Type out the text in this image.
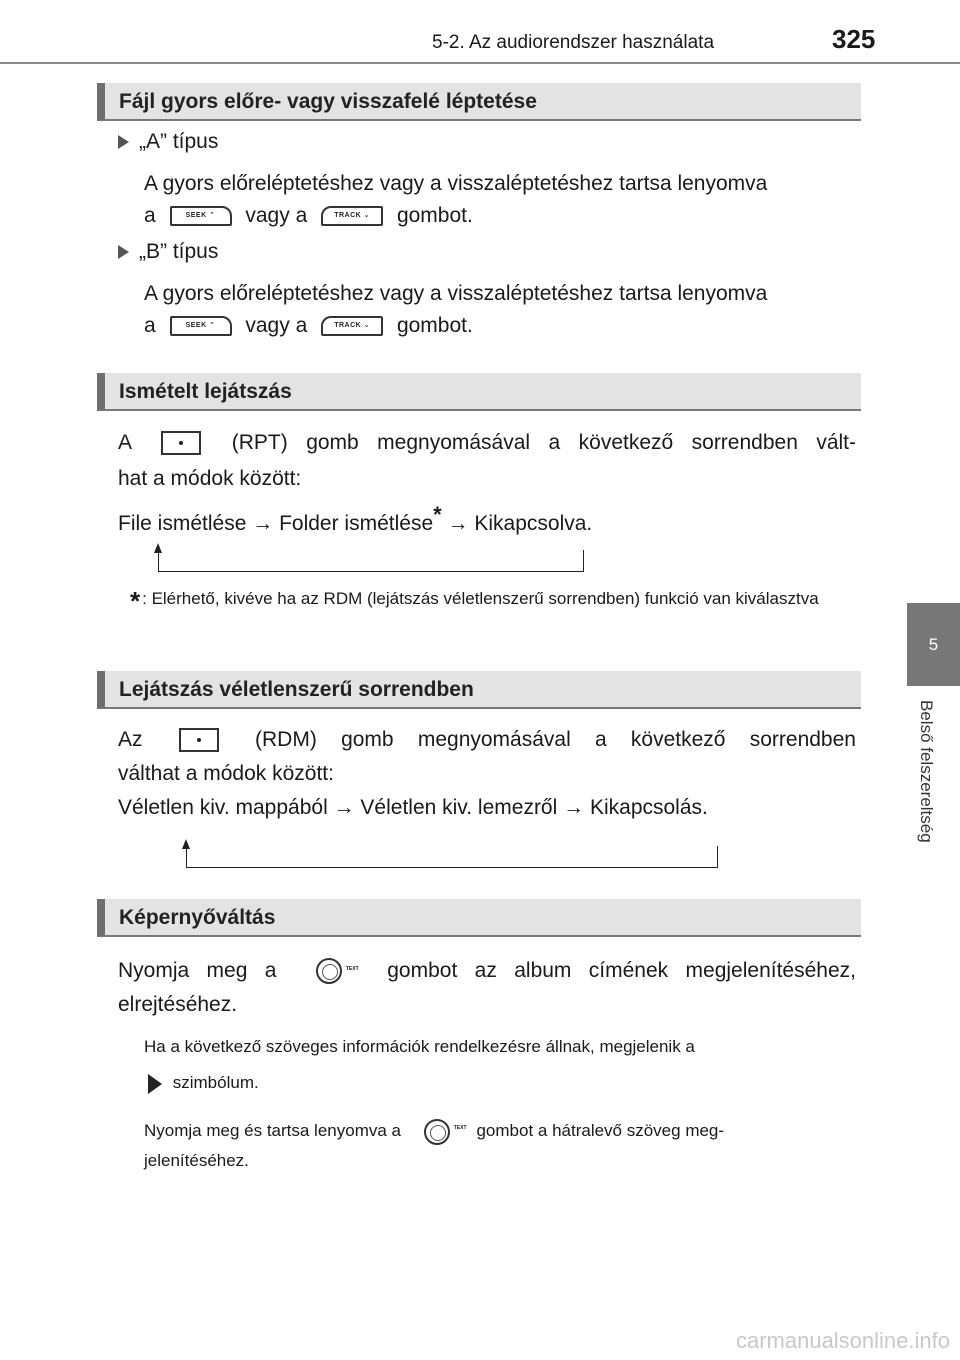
5-2. Az audiorendszer használata	325
5
Belső felszereltség
Fájl gyors előre- vagy visszafelé léptetése
„A” típus
A gyors előreléptetéshez vagy a visszaléptetéshez tartsa lenyomva
a	SEEK ⌃ vagy a	TRACK ⌄ gombot.
„B” típus
A gyors előreléptetéshez vagy a visszaléptetéshez tartsa lenyomva
a	SEEK ⌃ vagy a	TRACK ⌄ gombot.
Ismételt lejátszás
A	(RPT) gomb megnyomásával a következő sorrendben vált-
hat a módok között:
File ismétlése → Folder ismétlése* → Kikapcsolva.
* : Elérhető, kivéve ha az RDM (lejátszás véletlenszerű sorrendben) funkció van kiválasztva
Lejátszás véletlenszerű sorrendben
Az	(RDM) gomb megnyomásával a következő sorrendben
válthat a módok között:
Véletlen kiv. mappából → Véletlen kiv. lemezről → Kikapcsolás.
Képernyőváltás
Nyomja meg a	TEXT gombot az album címének megjelenítéséhez,
elrejtéséhez.
Ha a következő szöveges információk rendelkezésre állnak, megjelenik a
szimbólum.
Nyomja meg és tartsa lenyomva a	TEXT gombot a hátralevő szöveg meg-
jelenítéséhez.
carmanualsonline.info
